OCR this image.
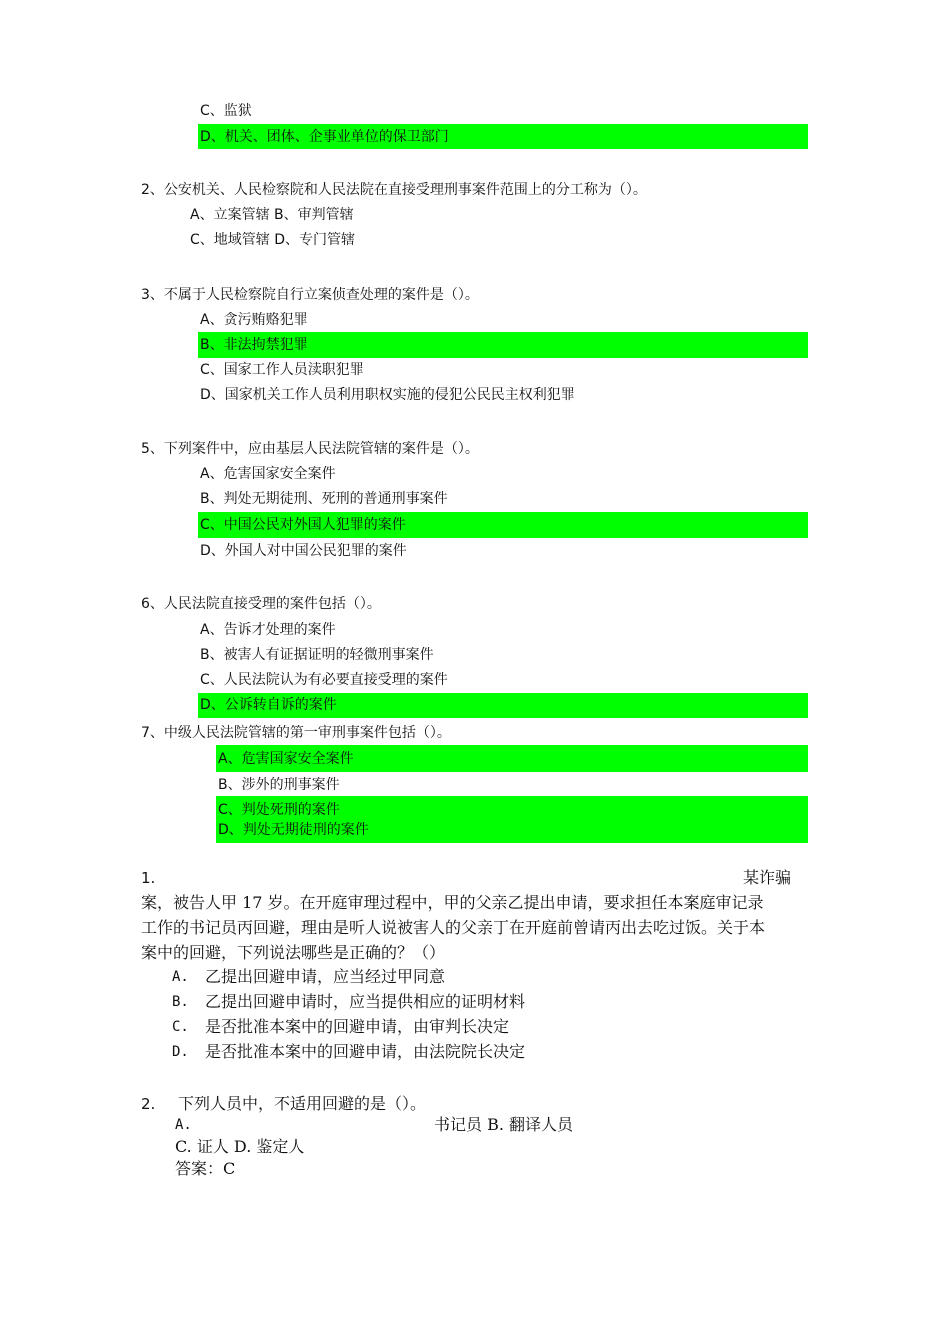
C、监狱
D、机关、团体、企事业单位的保卫部门
2、公安机关、人民检察院和人民法院在直接受理刑事案件范围上的分工称为（）。
A、立案管辖 B、审判管辖
C、地域管辖 D、专门管辖
3、不属于人民检察院自行立案侦查处理的案件是（）。
A、贪污贿赂犯罪
B、非法拘禁犯罪
C、国家工作人员渎职犯罪
D、国家机关工作人员利用职权实施的侵犯公民民主权利犯罪
5、下列案件中，应由基层人民法院管辖的案件是（）。
A、危害国家安全案件
B、判处无期徒刑、死刑的普通刑事案件
C、中国公民对外国人犯罪的案件
D、外国人对中国公民犯罪的案件
6、人民法院直接受理的案件包括（）。
A、告诉才处理的案件
B、被害人有证据证明的轻微刑事案件
C、人民法院认为有必要直接受理的案件
D、公诉转自诉的案件
7、中级人民法院管辖的第一审刑事案件包括（）。
A、危害国家安全案件
B、涉外的刑事案件
C、判处死刑的案件
D、判处无期徒刑的案件
1.	某诈骗
案，被告人甲 17 岁。在开庭审理过程中，甲的父亲乙提出申请，要求担任本案庭审记录
工作的书记员丙回避，理由是听人说被害人的父亲丁在开庭前曾请丙出去吃过饭。关于本
案中的回避，下列说法哪些是正确的？（）
A. 乙提出回避申请，应当经过甲同意
B. 乙提出回避申请时，应当提供相应的证明材料
C. 是否批准本案中的回避申请，由审判长决定
D. 是否批准本案中的回避申请，由法院院长决定
2. 下列人员中，不适用回避的是（）。
A.	书记员 B. 翻译人员
C. 证人 D. 鉴定人
答案：C
